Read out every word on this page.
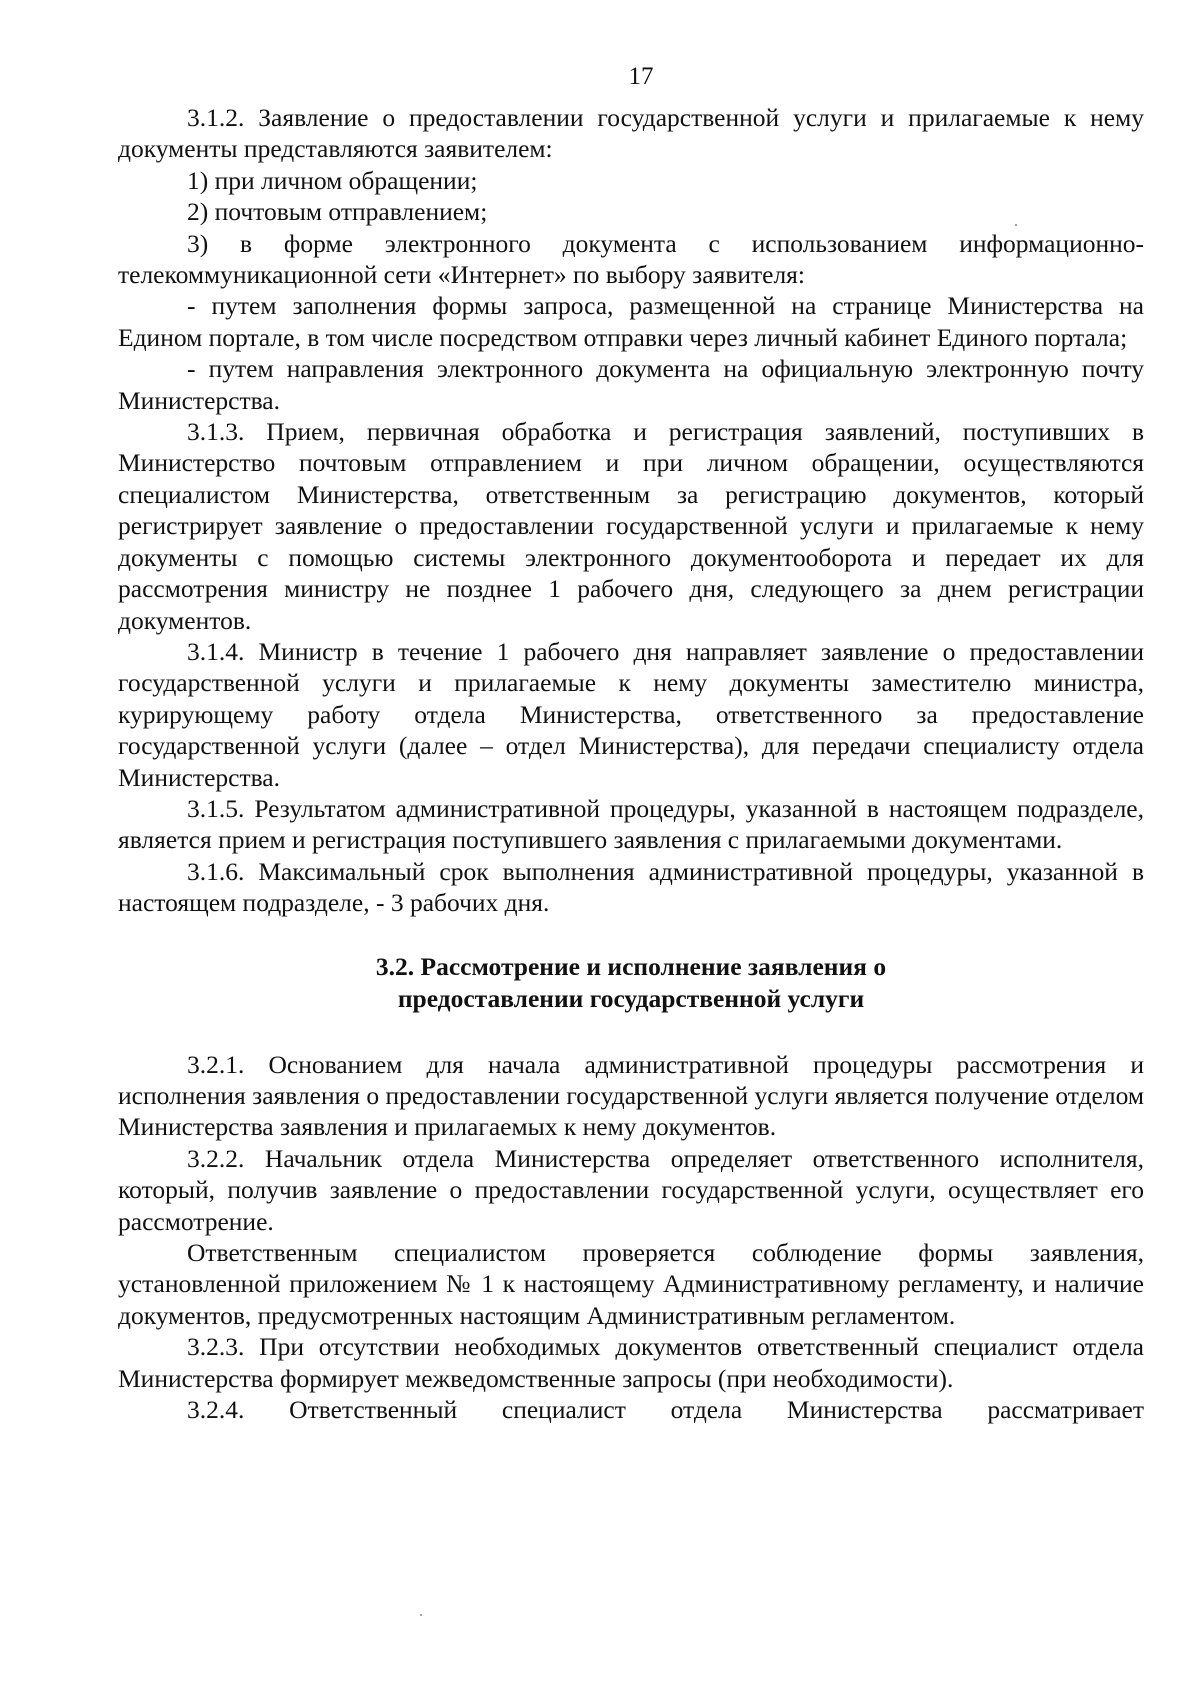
17

3.1.2. Заявление о предоставлении государственной услуги и прилагаемые к нему документы представляются заявителем:

1) при личном обращении;

2) почтовым отправлением;

3) в форме электронного документа с использованием информационно-телекоммуникационной сети «Интернет» по выбору заявителя:

- путем заполнения формы запроса, размещенной на странице Министерства на Едином портале, в том числе посредством отправки через личный кабинет Единого портала;

- путем направления электронного документа на официальную электронную почту Министерства.

3.1.3. Прием, первичная обработка и регистрация заявлений, поступивших в Министерство почтовым отправлением и при личном обращении, осуществляются специалистом Министерства, ответственным за регистрацию документов, который регистрирует заявление о предоставлении государственной услуги и прилагаемые к нему документы с помощью системы электронного документооборота и передает их для рассмотрения министру не позднее 1 рабочего дня, следующего за днем регистрации документов.

3.1.4. Министр в течение 1 рабочего дня направляет заявление о предоставлении государственной услуги и прилагаемые к нему документы заместителю министра, курирующему работу отдела Министерства, ответственного за предоставление государственной услуги (далее – отдел Министерства), для передачи специалисту отдела Министерства.

3.1.5. Результатом административной процедуры, указанной в настоящем подразделе, является прием и регистрация поступившего заявления с прилагаемыми документами.

3.1.6. Максимальный срок выполнения административной процедуры, указанной в настоящем подразделе, - 3 рабочих дня.

3.2. Рассмотрение и исполнение заявления о
предоставлении государственной услуги

3.2.1. Основанием для начала административной процедуры рассмотрения и исполнения заявления о предоставлении государственной услуги является получение отделом Министерства заявления и прилагаемых к нему документов.

3.2.2. Начальник отдела Министерства определяет ответственного исполнителя, который, получив заявление о предоставлении государственной услуги, осуществляет его рассмотрение.

Ответственным специалистом проверяется соблюдение формы заявления, установленной приложением № 1 к настоящему Административному регламенту, и наличие документов, предусмотренных настоящим Административным регламентом.

3.2.3. При отсутствии необходимых документов ответственный специалист отдела Министерства формирует межведомственные запросы (при необходимости).

3.2.4. Ответственный специалист отдела Министерства рассматривает
